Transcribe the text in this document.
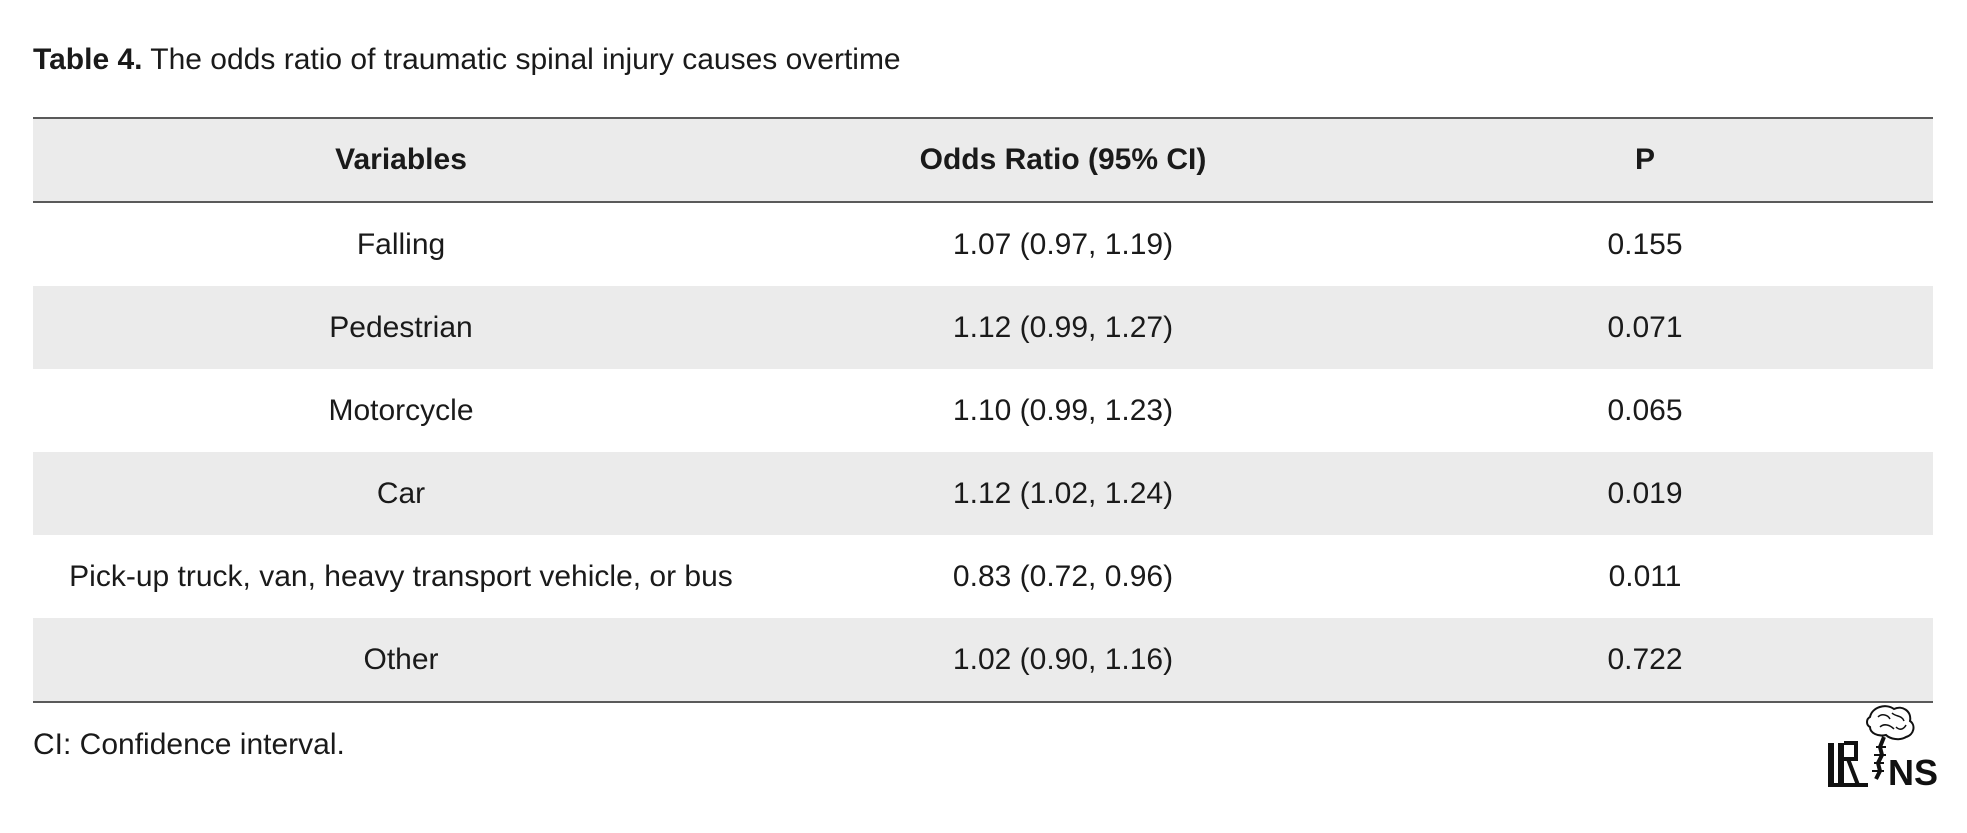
Table 4. The odds ratio of traumatic spinal injury causes overtime
Variables	Odds Ratio (95% CI)	P
Falling	1.07 (0.97, 1.19)	0.155
Pedestrian	1.12 (0.99, 1.27)	0.071
Motorcycle	1.10 (0.99, 1.23)	0.065
Car	1.12 (1.02, 1.24)	0.019
Pick-up truck, van, heavy transport vehicle, or bus	0.83 (0.72, 0.96)	0.011
Other	1.02 (0.90, 1.16)	0.722
CI: Confidence interval.
NS
